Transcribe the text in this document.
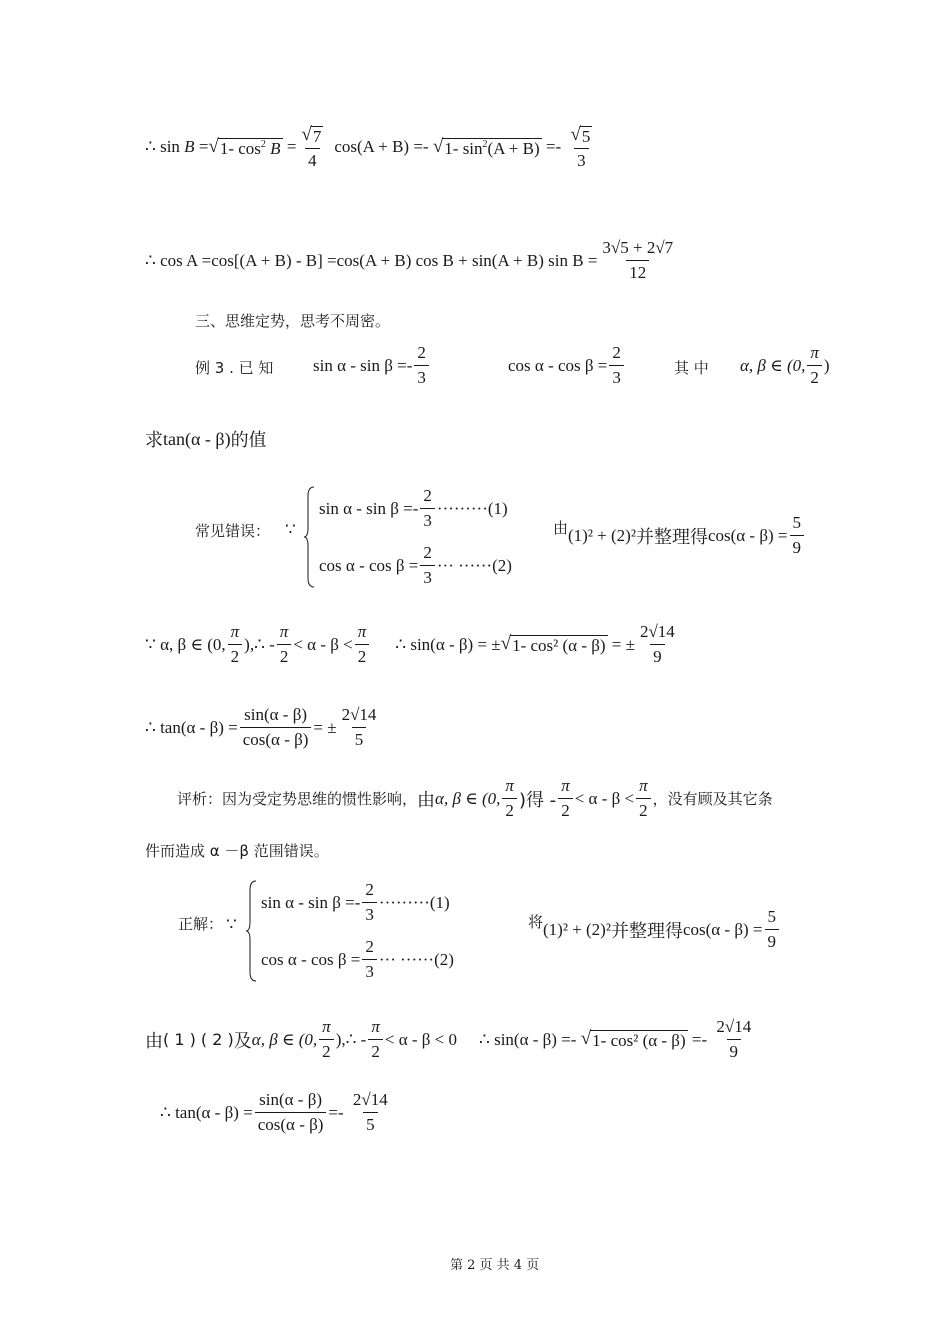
∴
sin
B
= √ 1- $\cos^2 B$
= $\frac{√ 7}{4} \cos(A + B)$
=-
√ 1- $\sin^2(A + B)$
=-
$\frac{√ 5}{3}$
∴ cos A =cos[(A + B) - B] =cos(A + B) cos B + sin(A + B) $\sin B = \frac{3√5 + 2√7}{12}$
三、思维定势，思考不周密。
例 3 . 已 知 $\sin \alpha - \sin \beta =- \frac{2}{3}$	$\cos \alpha - \cos \beta = \frac{2}{3}$	其 中 α, β ∈ (0, $\frac{\pi}{2}$ )
求 tan(α - β) 的值
常见错误： ∵
$\sin \alpha - \sin \beta =- \frac{2}{3} \cdot\cdot\cdot\cdot\cdot\cdot\cdot\cdot\cdot(1)$
$\cos \alpha - \cos \beta = \frac{2}{3}$ ··· ······(2)
由 (1)² + (2)² 并整理得 $\cos(\alpha - \beta) = \frac{5}{9}$
∵ α, β ∈ (0, $\frac{\pi}{2}$ ),∴ - $\frac{\pi}{2} < \alpha - \beta < \frac{\pi}{2}$ ∴ sin(α - β) = ± √ 1- cos² (α - β)
= ± $\frac{2√14}{9}$
∴ $\tan(\alpha - \beta) = \frac{\sin(\alpha - \beta)}{\cos(\alpha - \beta)}$ = ± $\frac{2√14}{5}$
评析：因为受定势思维的惯性影响， 由 α, β ∈ (0, $\frac{\pi}{2}$ )得 - $\frac{\pi}{2} < \alpha - \beta < \frac{\pi}{2}$ ，没有顾及其它条
件而造成 α －β 范围错误。
正解： ∵
$\sin \alpha - \sin \beta =- \frac{2}{3} \cdot\cdot\cdot\cdot\cdot\cdot\cdot\cdot\cdot(1)$
$\cos \alpha - \cos \beta = \frac{2}{3}$ ··· ······(2)
将 (1)² + (2)² 并整理得 $\cos(\alpha - \beta) = \frac{5}{9}$
由 ( 1 ) ( 2 ) 及 α, β ∈ (0, $\frac{\pi}{2}$ ),∴ - $\frac{\pi}{2} < \alpha - \beta < 0$ ∴ sin(α - β) =-
√ 1- cos² (α - β)
=-
$\frac{2√14}{9}$
∴ $\tan(\alpha - \beta) = \frac{\sin(\alpha - \beta)}{\cos(\alpha - \beta)}$ =-
$\frac{2√14}{5}$
第 2 页 共 4 页
